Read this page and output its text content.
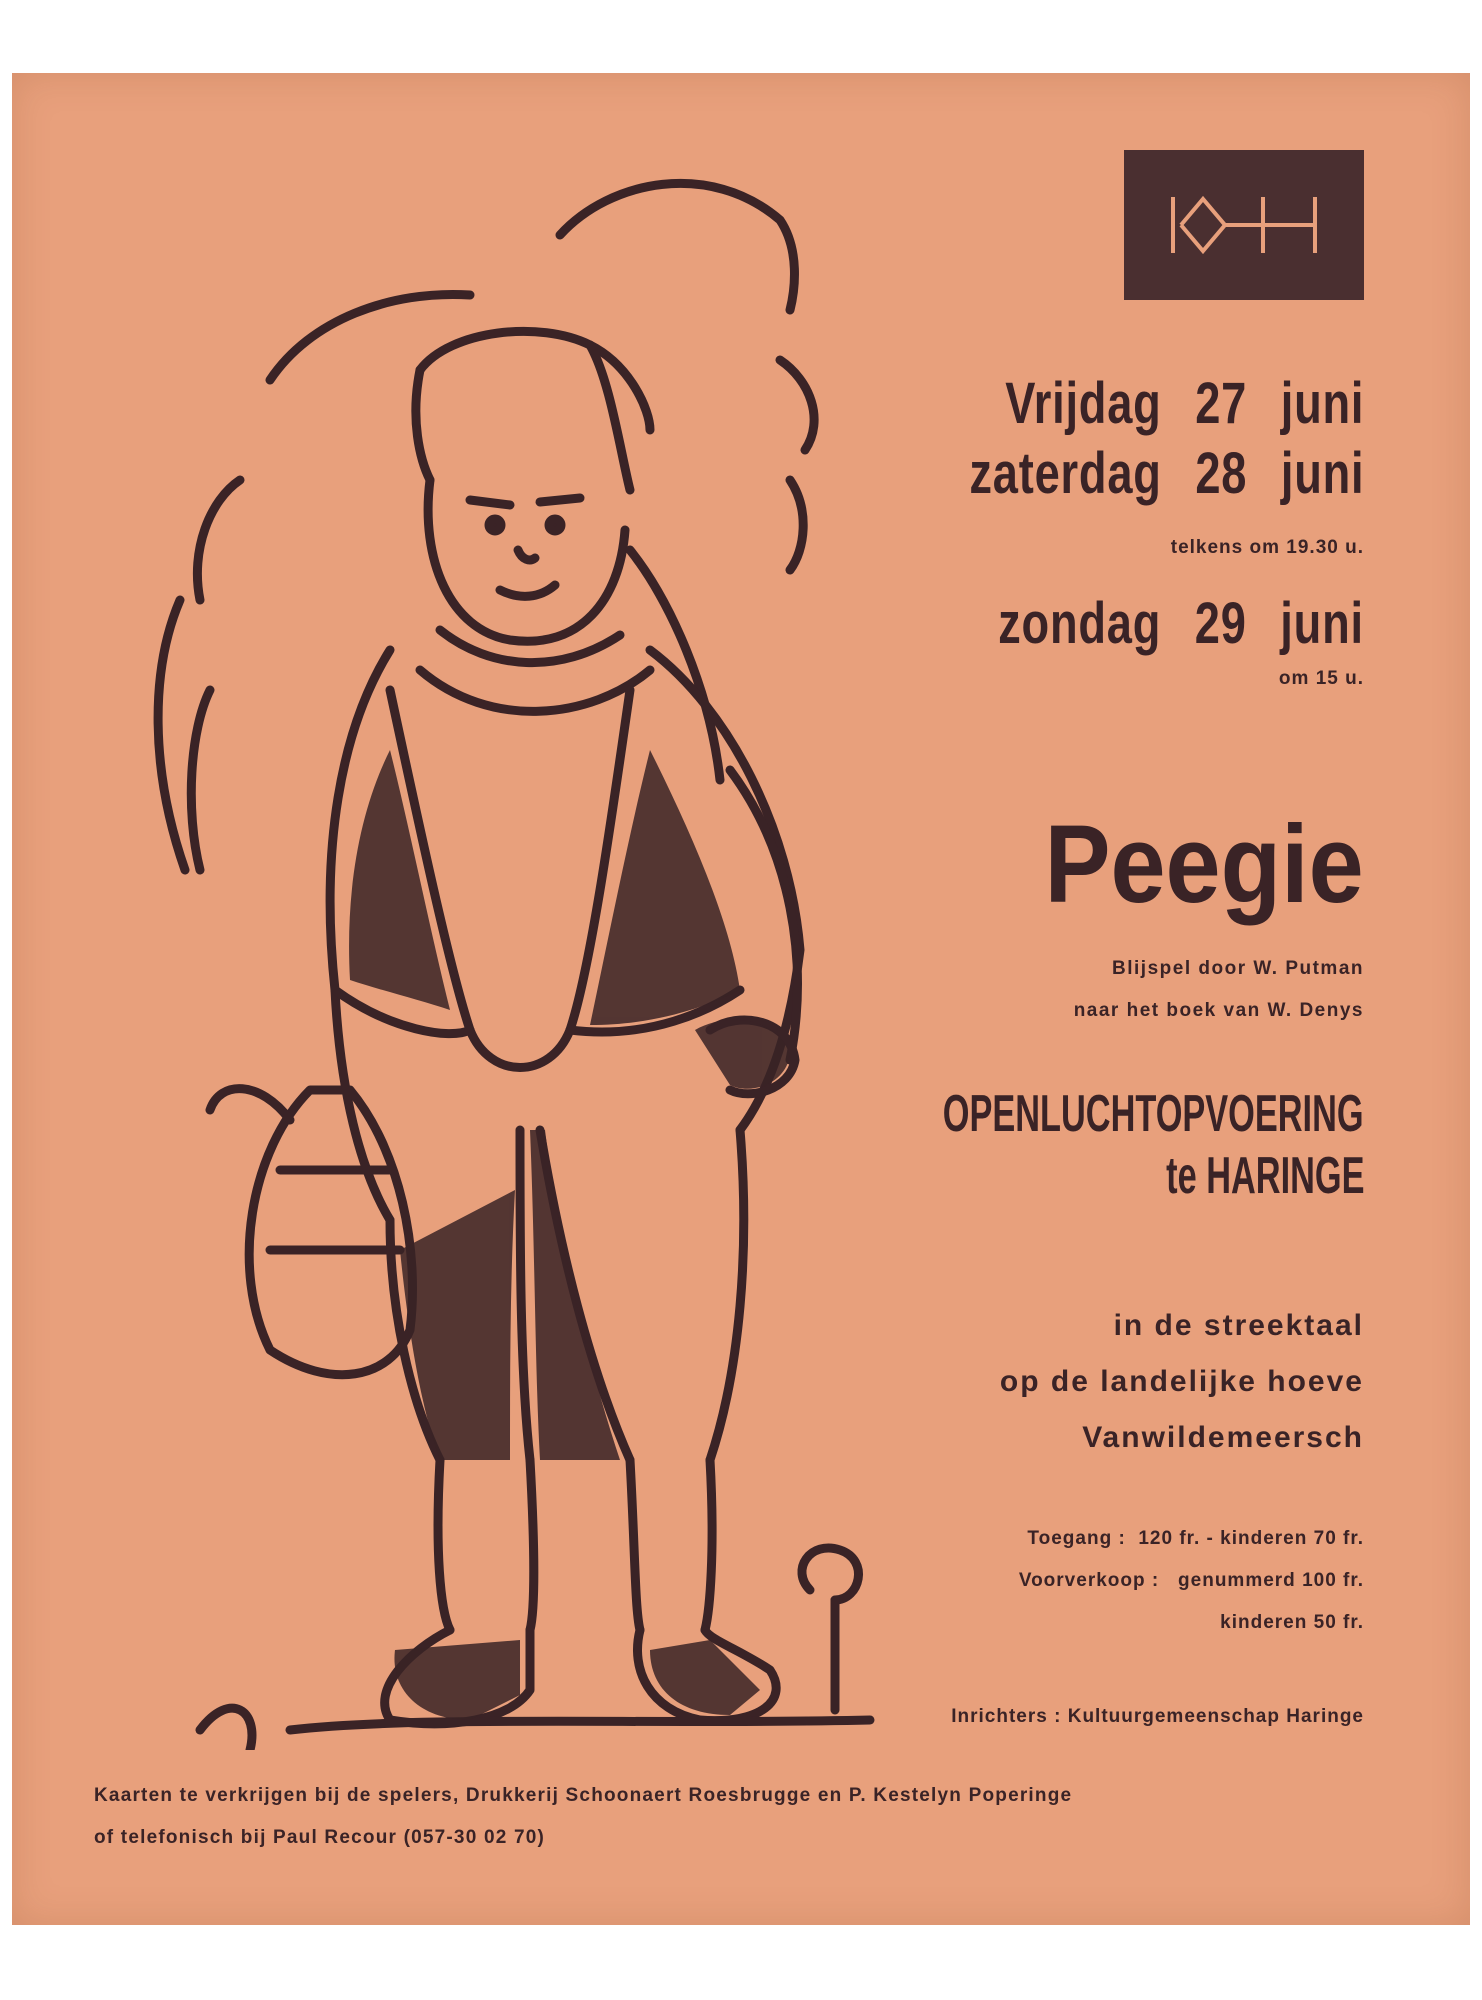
Vrijdag 27 juni
zaterdag 28 juni
telkens om 19.30 u.
zondag 29 juni
om 15 u.
Peegie
Blijspel door W. Putman
naar het boek van W. Denys
OPENLUCHTOPVOERING
te HARINGE
in de streektaal
op de landelijke hoeve
Vanwildemeersch
Toegang : 120 fr. - kinderen 70 fr.
Voorverkoop : genummerd 100 fr.
kinderen 50 fr.
Inrichters : Kultuurgemeenschap Haringe
Kaarten te verkrijgen bij de spelers, Drukkerij Schoonaert Roesbrugge en P. Kestelyn Poperinge
of telefonisch bij Paul Recour (057-30 02 70)
